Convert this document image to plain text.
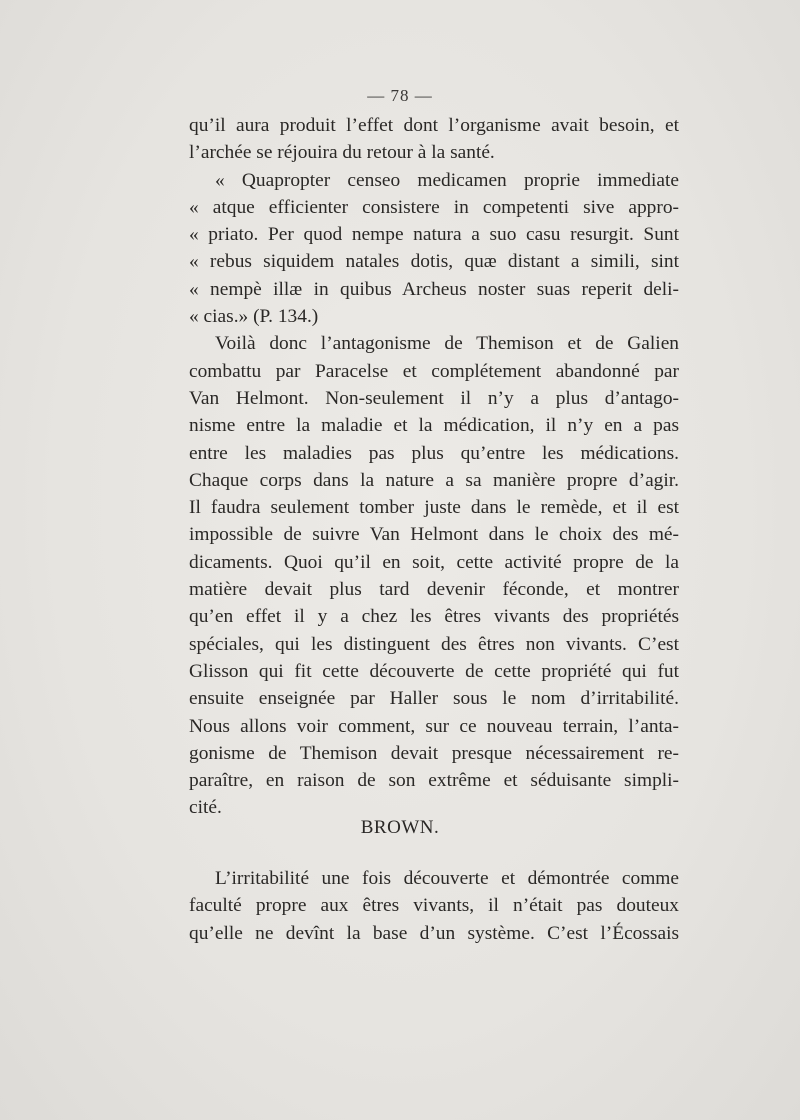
— 78 —
qu’il aura produit l’effet dont l’organisme avait besoin, et
l’archée se réjouira du retour à la santé.
« Quapropter censeo medicamen proprie immediate
« atque efficienter consistere in competenti sive appro-
« priato. Per quod nempe natura a suo casu resurgit. Sunt
« rebus siquidem natales dotis, quæ distant a simili, sint
« nempè illæ in quibus Archeus noster suas reperit deli-
« cias.» (P. 134.)
Voilà donc l’antagonisme de Themison et de Galien
combattu par Paracelse et complétement abandonné par
Van Helmont. Non-seulement il n’y a plus d’antago-
nisme entre la maladie et la médication, il n’y en a pas
entre les maladies pas plus qu’entre les médications.
Chaque corps dans la nature a sa manière propre d’agir.
Il faudra seulement tomber juste dans le remède, et il est
impossible de suivre Van Helmont dans le choix des mé-
dicaments. Quoi qu’il en soit, cette activité propre de la
matière devait plus tard devenir féconde, et montrer
qu’en effet il y a chez les êtres vivants des propriétés
spéciales, qui les distinguent des êtres non vivants. C’est
Glisson qui fit cette découverte de cette propriété qui fut
ensuite enseignée par Haller sous le nom d’irritabilité.
Nous allons voir comment, sur ce nouveau terrain, l’anta-
gonisme de Themison devait presque nécessairement re-
paraître, en raison de son extrême et séduisante simpli-
cité.
BROWN.
L’irritabilité une fois découverte et démontrée comme
faculté propre aux êtres vivants, il n’était pas douteux
qu’elle ne devînt la base d’un système. C’est l’Écossais
